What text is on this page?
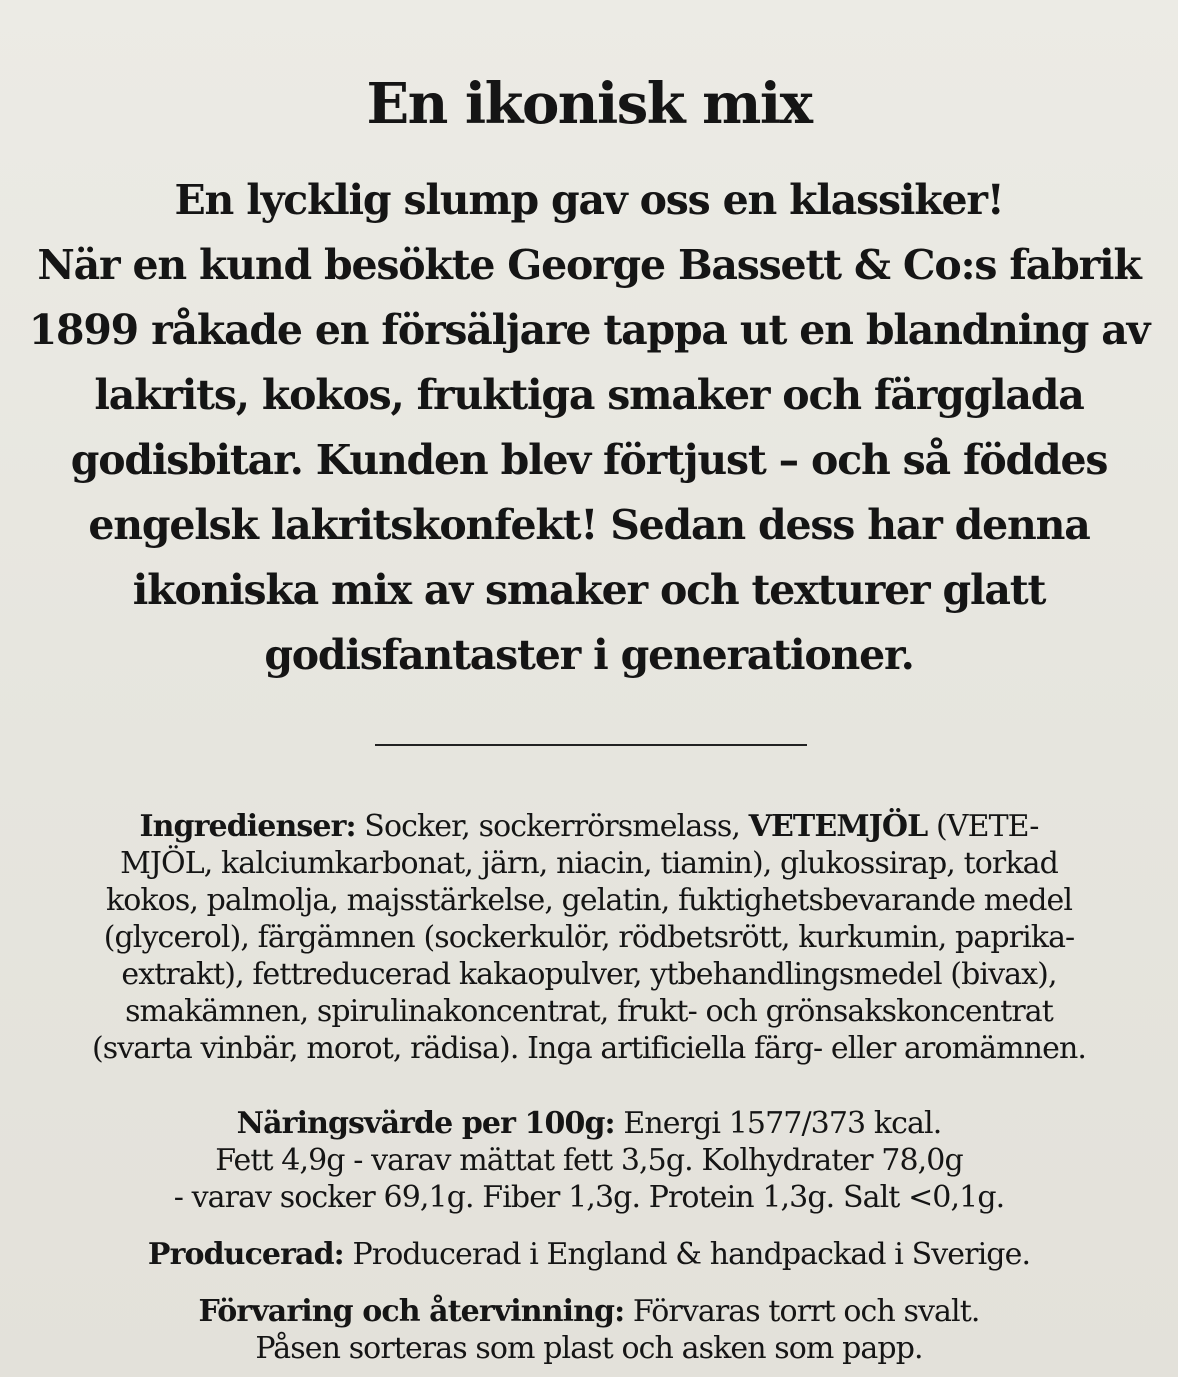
En ikonisk mix
En lycklig slump gav oss en klassiker!
När en kund besökte George Bassett & Co:s fabrik
1899 råkade en försäljare tappa ut en blandning av
lakrits, kokos, fruktiga smaker och färgglada
godisbitar. Kunden blev förtjust – och så föddes
engelsk lakritskonfekt! Sedan dess har denna
ikoniska mix av smaker och texturer glatt
godisfantaster i generationer.
Ingredienser: Socker, sockerrörsmelass, VETEMJÖL (VETE-
MJÖL, kalciumkarbonat, järn, niacin, tiamin), glukossirap, torkad
kokos, palmolja, majsstärkelse, gelatin, fuktighetsbevarande medel
(glycerol), färgämnen (sockerkulör, rödbetsrött, kurkumin, paprika-
extrakt), fettreducerad kakaopulver, ytbehandlingsmedel (bivax),
smakämnen, spirulinakoncentrat, frukt- och grönsakskoncentrat
(svarta vinbär, morot, rädisa). Inga artificiella färg- eller aromämnen.
Näringsvärde per 100g: Energi 1577/373 kcal.
Fett 4,9g - varav mättat fett 3,5g. Kolhydrater 78,0g
- varav socker 69,1g. Fiber 1,3g. Protein 1,3g. Salt <0,1g.
Producerad: Producerad i England & handpackad i Sverige.
Förvaring och återvinning: Förvaras torrt och svalt.
Påsen sorteras som plast och asken som papp.
